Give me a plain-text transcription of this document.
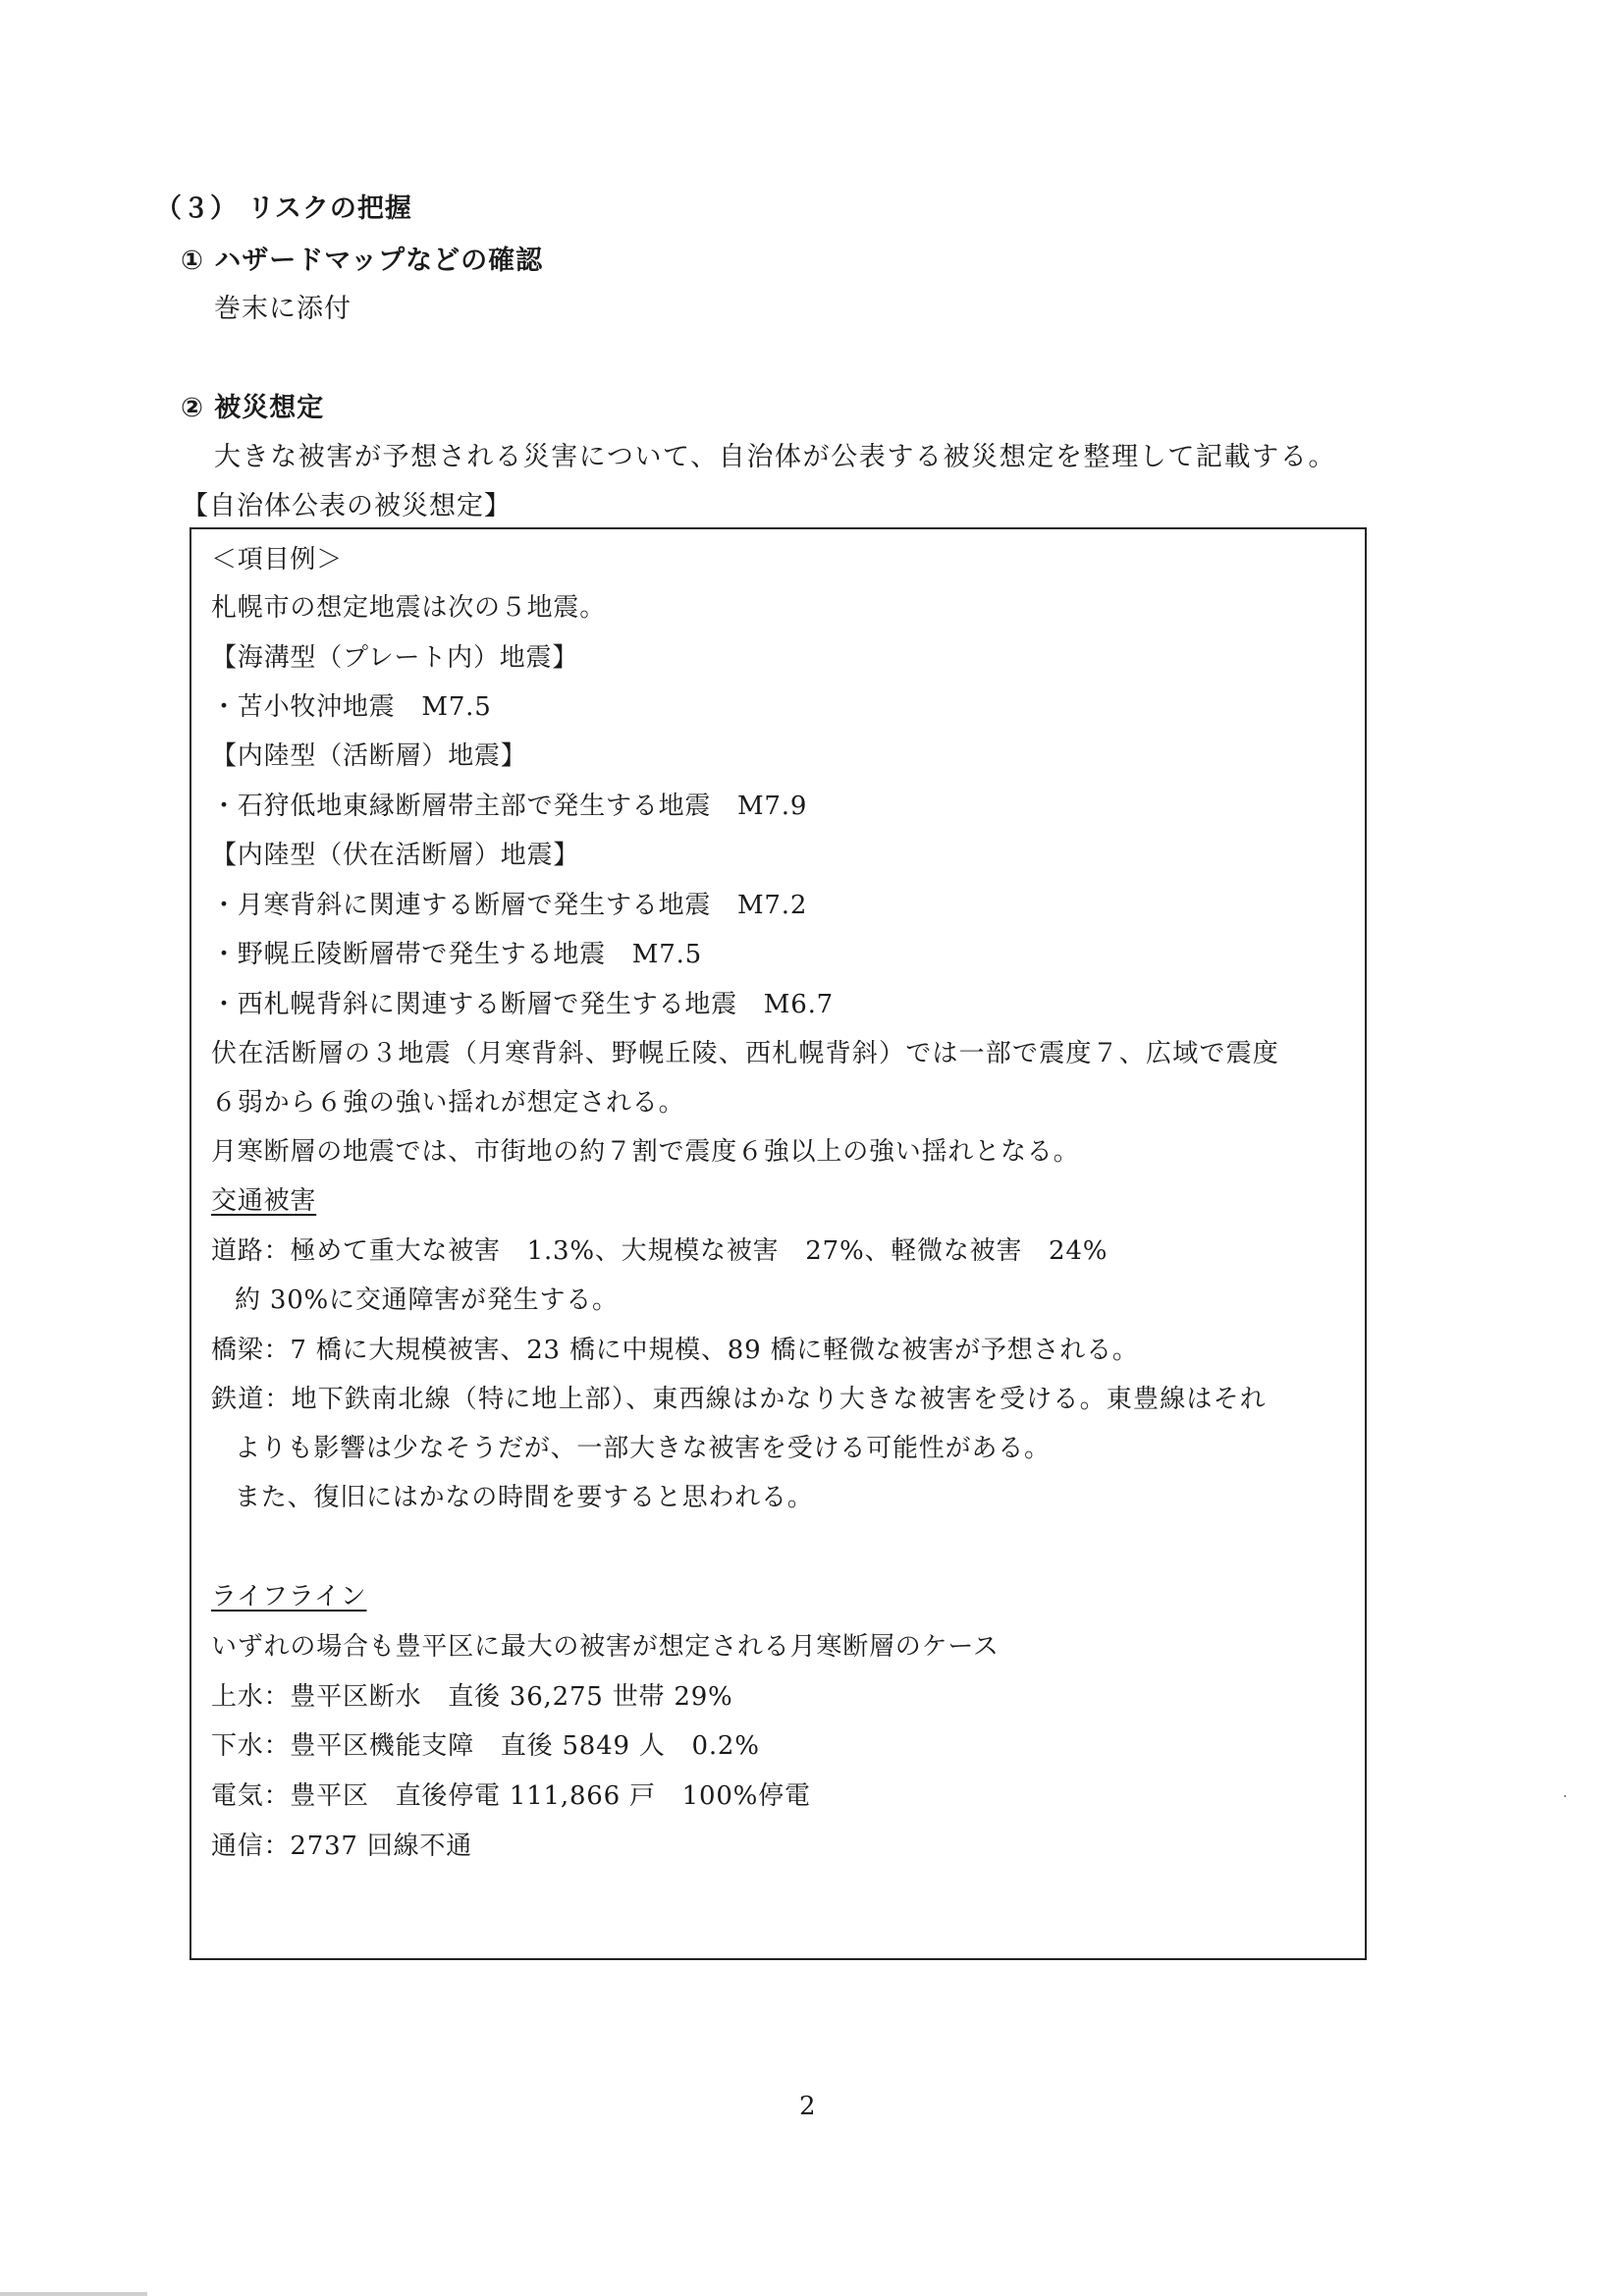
（３） リスクの把握
① ハザードマップなどの確認
巻末に添付
② 被災想定
大きな被害が予想される災害について、自治体が公表する被災想定を整理して記載する。
【自治体公表の被災想定】
＜項目例＞
札幌市の想定地震は次の５地震。
【海溝型（プレート内）地震】
・苫小牧沖地震　M7.5
【内陸型（活断層）地震】
・石狩低地東縁断層帯主部で発生する地震　M7.9
【内陸型（伏在活断層）地震】
・月寒背斜に関連する断層で発生する地震　M7.2
・野幌丘陵断層帯で発生する地震　M7.5
・西札幌背斜に関連する断層で発生する地震　M6.7
伏在活断層の３地震（月寒背斜、野幌丘陵、西札幌背斜）では一部で震度７、広域で震度
６弱から６強の強い揺れが想定される。
月寒断層の地震では、市街地の約７割で震度６強以上の強い揺れとなる。
交通被害
道路：極めて重大な被害　1.3%、大規模な被害　27%、軽微な被害　24%
約 30%に交通障害が発生する。
橋梁：7 橋に大規模被害、23 橋に中規模、89 橋に軽微な被害が予想される。
鉄道：地下鉄南北線（特に地上部）、東西線はかなり大きな被害を受ける。東豊線はそれ
よりも影響は少なそうだが、一部大きな被害を受ける可能性がある。
また、復旧にはかなの時間を要すると思われる。
ライフライン
いずれの場合も豊平区に最大の被害が想定される月寒断層のケース
上水：豊平区断水　直後 36,275 世帯 29%
下水：豊平区機能支障　直後 5849 人　0.2%
電気：豊平区　直後停電 111,866 戸　100%停電
通信：2737 回線不通
2
